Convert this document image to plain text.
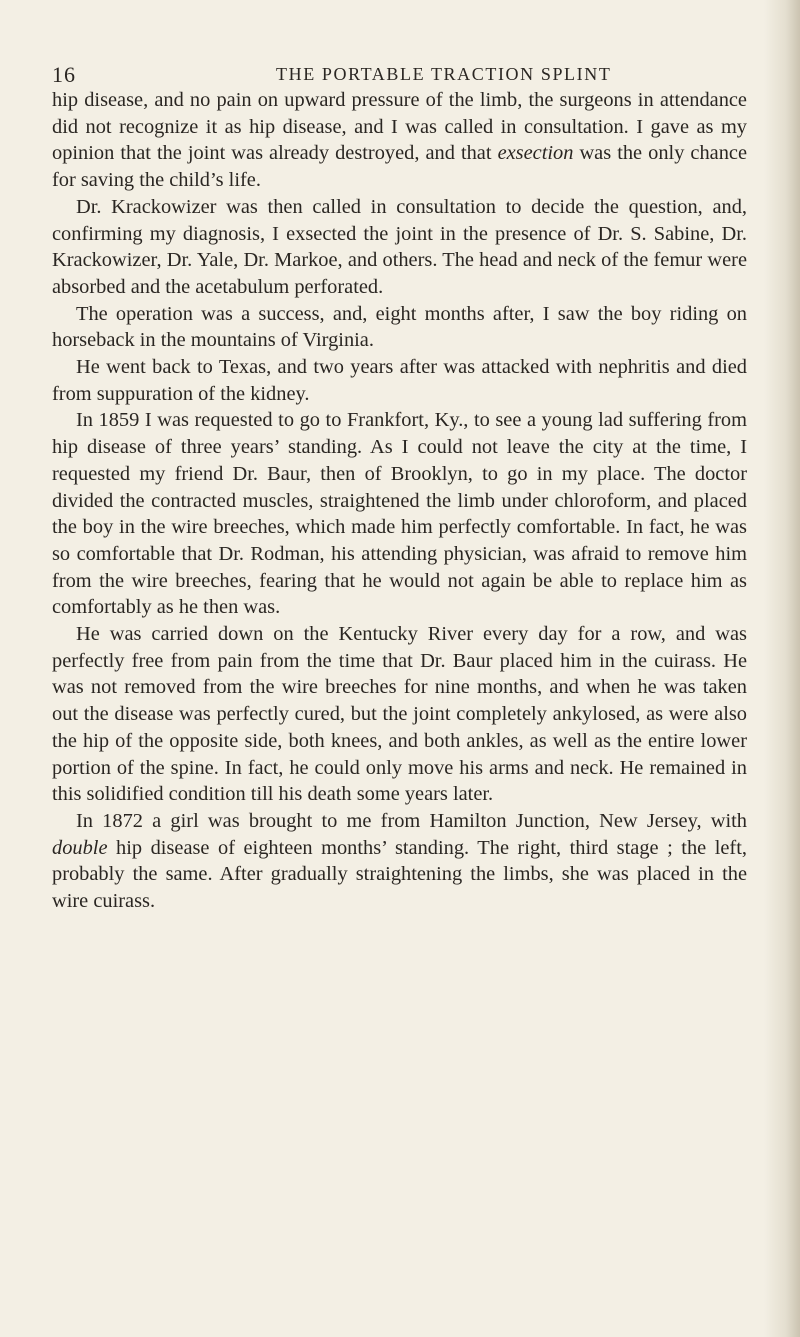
16	THE PORTABLE TRACTION SPLINT

hip disease, and no pain on upward pressure of the limb, the surgeons in attendance did not recognize it as hip disease, and I was called in consultation. I gave as my opinion that the joint was already destroyed, and that exsection was the only chance for saving the child’s life.

Dr. Krackowizer was then called in consultation to decide the question, and, confirming my diagnosis, I exsected the joint in the presence of Dr. S. Sabine, Dr. Krackowizer, Dr. Yale, Dr. Markoe, and others. The head and neck of the femur were absorbed and the acetabulum perforated.

The operation was a success, and, eight months after, I saw the boy riding on horseback in the mountains of Virginia.

He went back to Texas, and two years after was attacked with nephritis and died from suppuration of the kidney.

In 1859 I was requested to go to Frankfort, Ky., to see a young lad suffering from hip disease of three years’ standing. As I could not leave the city at the time, I requested my friend Dr. Baur, then of Brooklyn, to go in my place. The doctor divided the contracted muscles, straightened the limb under chloroform, and placed the boy in the wire breeches, which made him perfectly comfortable. In fact, he was so comfortable that Dr. Rodman, his attending physician, was afraid to remove him from the wire breeches, fearing that he would not again be able to replace him as comfortably as he then was.

He was carried down on the Kentucky River every day for a row, and was perfectly free from pain from the time that Dr. Baur placed him in the cuirass. He was not removed from the wire breeches for nine months, and when he was taken out the disease was perfectly cured, but the joint completely ankylosed, as were also the hip of the opposite side, both knees, and both ankles, as well as the entire lower portion of the spine. In fact, he could only move his arms and neck. He remained in this solidified condition till his death some years later.

In 1872 a girl was brought to me from Hamilton Junction, New Jersey, with double hip disease of eighteen months’ standing. The right, third stage ; the left, probably the same. After gradually straightening the limbs, she was placed in the wire cuirass.
